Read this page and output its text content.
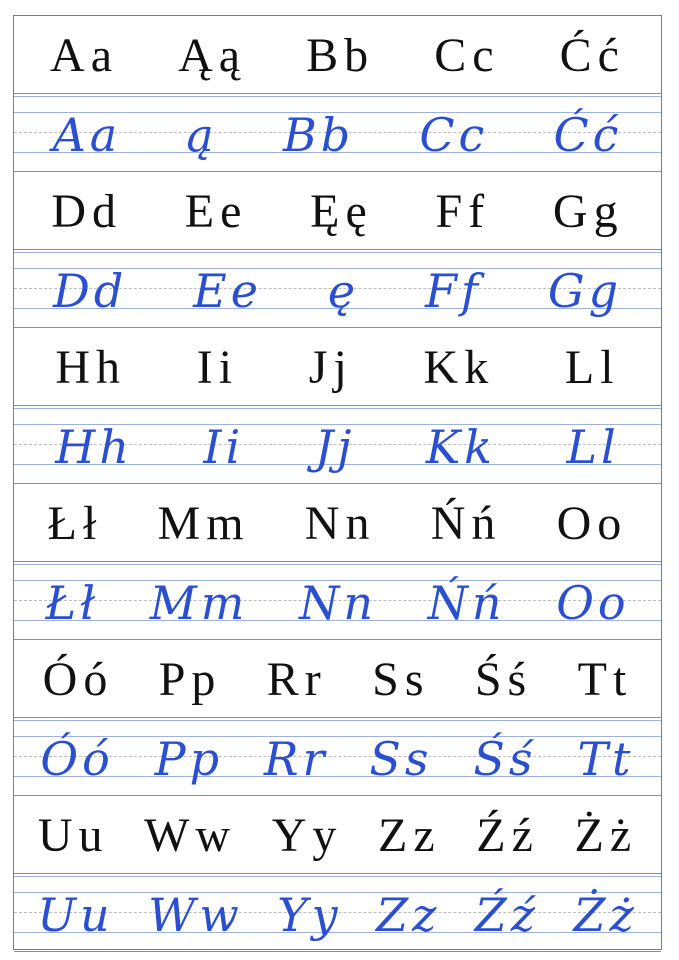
Aa Ąą Bb Cc Ćć
Aa ą Bb Cc Ćć
Dd Ee Ęę Ff Gg
Dd Ee ę Ff Gg
Hh Ii Jj Kk Ll
Hh Ii Jj Kk Ll
Łł Mm Nn Ńń Oo
Łł Mm Nn Ńń Oo
Óó Pp Rr Ss Śś Tt
Óó Pp Rr Ss Śś Tt
Uu Ww Yy Zz Źź Żż
Uu Ww Yy Zz Źź Żż
